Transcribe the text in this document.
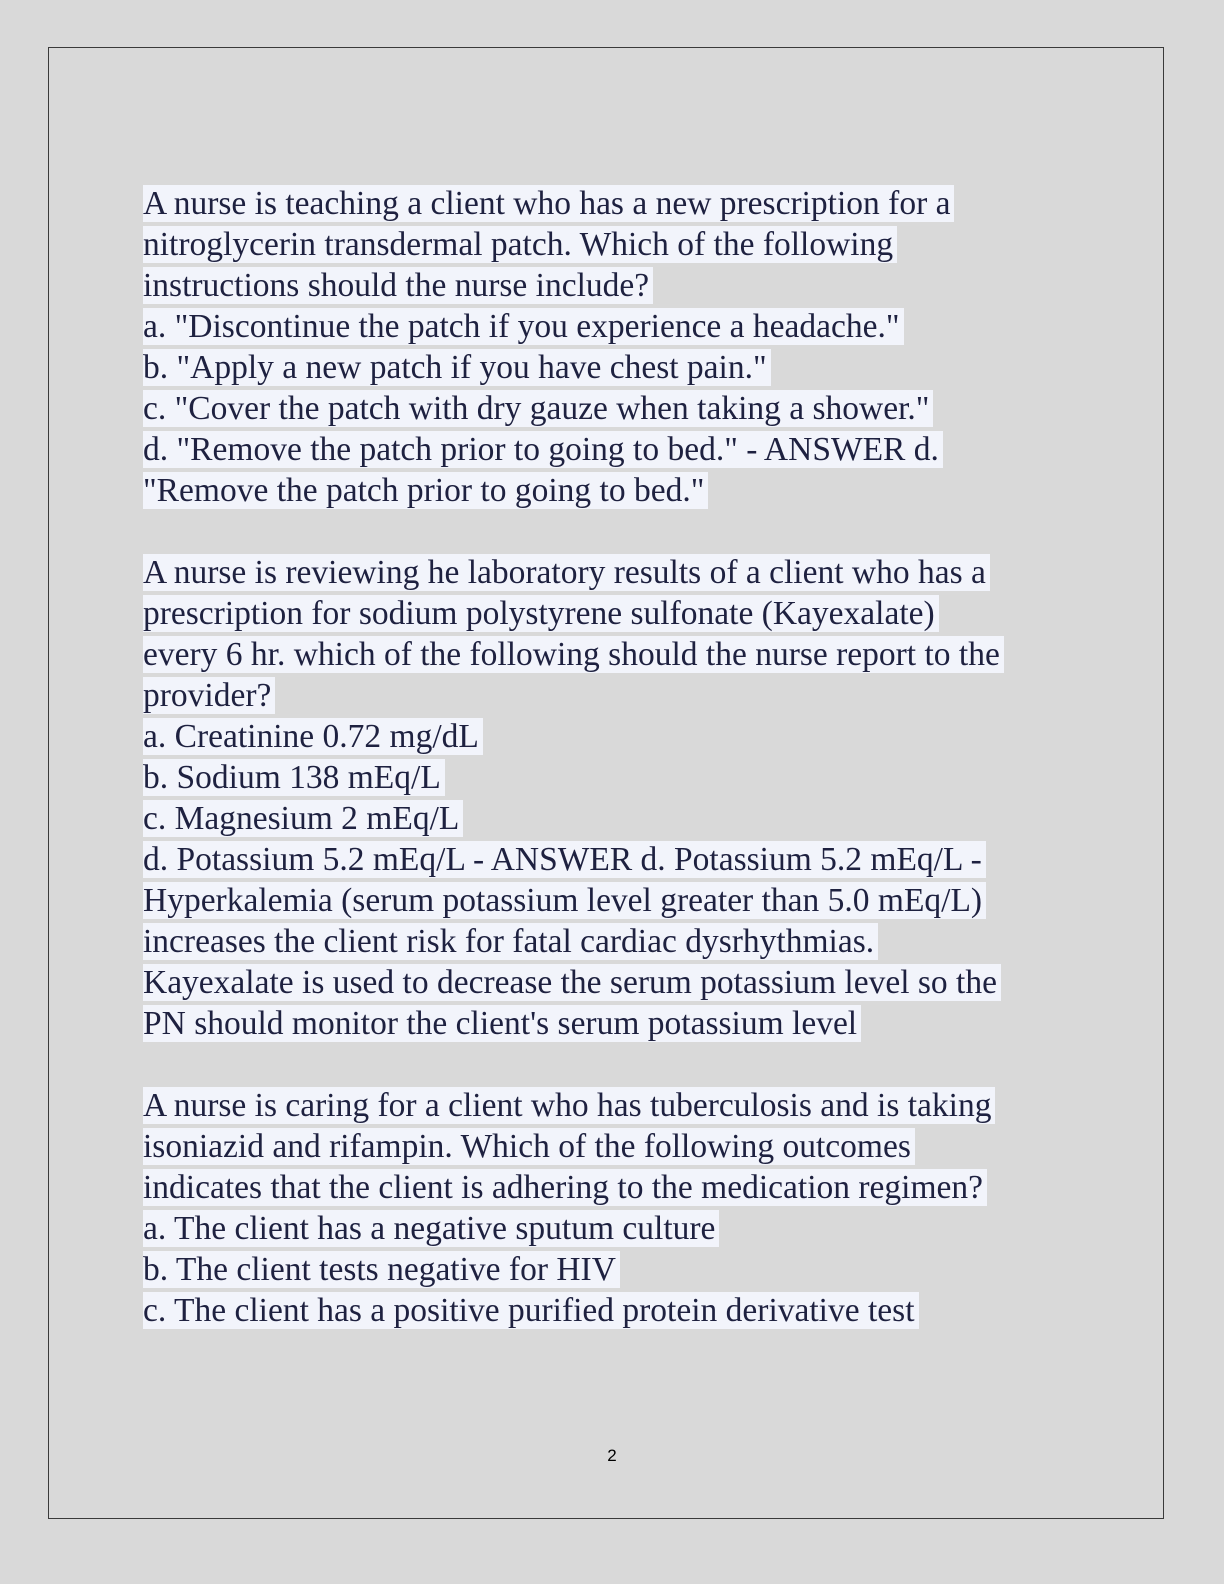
A nurse is teaching a client who has a new prescription for a
nitroglycerin transdermal patch. Which of the following
instructions should the nurse include?
a. "Discontinue the patch if you experience a headache."
b. "Apply a new patch if you have chest pain."
c. "Cover the patch with dry gauze when taking a shower."
d. "Remove the patch prior to going to bed." - ANSWER d.
"Remove the patch prior to going to bed."
A nurse is reviewing he laboratory results of a client who has a
prescription for sodium polystyrene sulfonate (Kayexalate)
every 6 hr. which of the following should the nurse report to the
provider?
a. Creatinine 0.72 mg/dL
b. Sodium 138 mEq/L
c. Magnesium 2 mEq/L
d. Potassium 5.2 mEq/L - ANSWER d. Potassium 5.2 mEq/L -
Hyperkalemia (serum potassium level greater than 5.0 mEq/L)
increases the client risk for fatal cardiac dysrhythmias.
Kayexalate is used to decrease the serum potassium level so the
PN should monitor the client's serum potassium level
A nurse is caring for a client who has tuberculosis and is taking
isoniazid and rifampin. Which of the following outcomes
indicates that the client is adhering to the medication regimen?
a. The client has a negative sputum culture
b. The client tests negative for HIV
c. The client has a positive purified protein derivative test
2
